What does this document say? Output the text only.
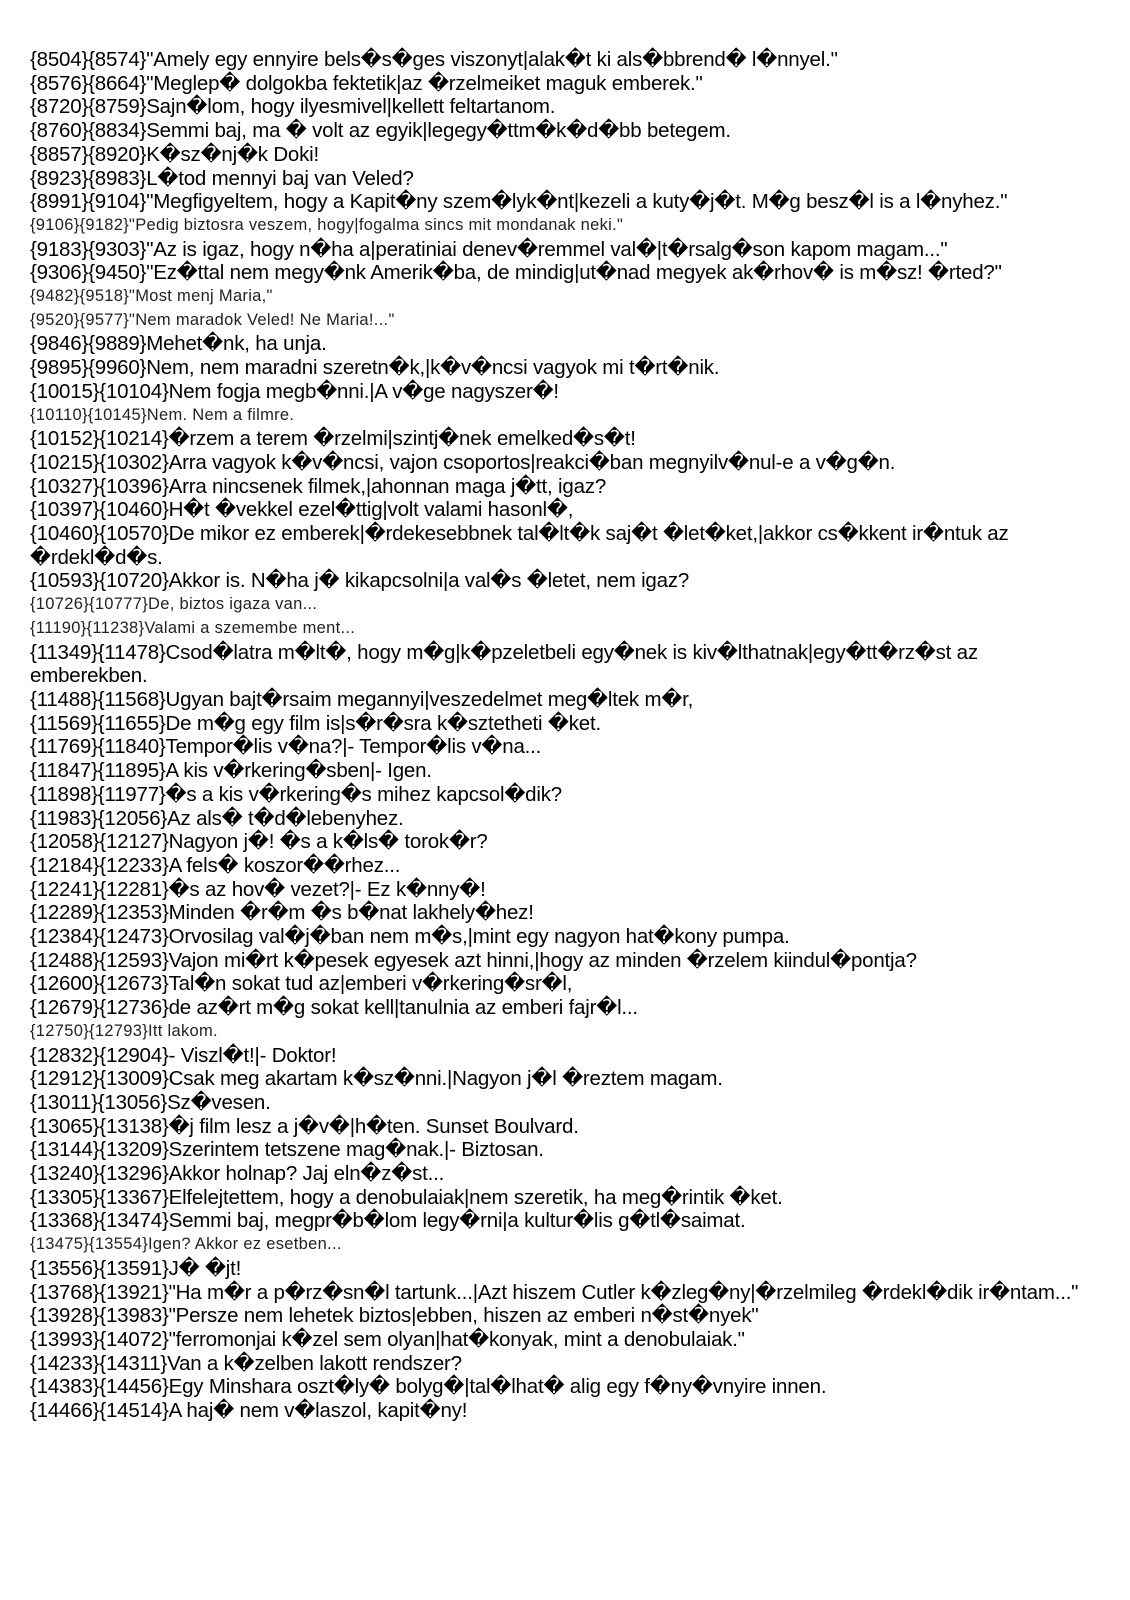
{8504}{8574}"Amely egy ennyire bels�s�ges viszonyt|alak�t ki als�bbrend� l�nnyel."
{8576}{8664}"Meglep� dolgokba fektetik|az �rzelmeiket maguk emberek."
{8720}{8759}Sajn�lom, hogy ilyesmivel|kellett feltartanom.
{8760}{8834}Semmi baj, ma � volt az egyik|legegy�ttm�k�d�bb betegem.
{8857}{8920}K�sz�nj�k Doki!
{8923}{8983}L�tod mennyi baj van Veled?
{8991}{9104}"Megfigyeltem, hogy a Kapit�ny szem�lyk�nt|kezeli a kuty�j�t. M�g besz�l is a l�nyhez."
{9106}{9182}"Pedig biztosra veszem, hogy|fogalma sincs mit mondanak neki."
{9183}{9303}"Az is igaz, hogy n�ha a|peratiniai denev�remmel val�|t�rsalg�son kapom magam..."
{9306}{9450}"Ez�ttal nem megy�nk Amerik�ba, de mindig|ut�nad megyek ak�rhov� is m�sz! �rted?"
{9482}{9518}"Most menj Maria,"
{9520}{9577}"Nem maradok Veled! Ne Maria!..."
{9846}{9889}Mehet�nk, ha unja.
{9895}{9960}Nem, nem maradni szeretn�k,|k�v�ncsi vagyok mi t�rt�nik.
{10015}{10104}Nem fogja megb�nni.|A v�ge nagyszer�!
{10110}{10145}Nem. Nem a filmre.
{10152}{10214}�rzem a terem �rzelmi|szintj�nek emelked�s�t!
{10215}{10302}Arra vagyok k�v�ncsi, vajon csoportos|reakci�ban megnyilv�nul-e a v�g�n.
{10327}{10396}Arra nincsenek filmek,|ahonnan maga j�tt, igaz?
{10397}{10460}H�t �vekkel ezel�ttig|volt valami hasonl�,
{10460}{10570}De mikor ez emberek|�rdekesebbnek tal�lt�k saj�t �let�ket,|akkor cs�kkent ir�ntuk az �rdekl�d�s.
{10593}{10720}Akkor is. N�ha j� kikapcsolni|a val�s �letet, nem igaz?
{10726}{10777}De, biztos igaza van...
{11190}{11238}Valami a szemembe ment...
{11349}{11478}Csod�latra m�lt�, hogy m�g|k�pzeletbeli egy�nek is kiv�lthatnak|egy�tt�rz�st az emberekben.
{11488}{11568}Ugyan bajt�rsaim megannyi|veszedelmet meg�ltek m�r,
{11569}{11655}De m�g egy film is|s�r�sra k�sztetheti �ket.
{11769}{11840}Tempor�lis v�na?|- Tempor�lis v�na...
{11847}{11895}A kis v�rkering�sben|- Igen.
{11898}{11977}�s a kis v�rkering�s mihez kapcsol�dik?
{11983}{12056}Az als� t�d�lebenyhez.
{12058}{12127}Nagyon j�! �s a k�ls� torok�r?
{12184}{12233}A fels� koszor��rhez...
{12241}{12281}�s az hov� vezet?|- Ez k�nny�!
{12289}{12353}Minden �r�m �s b�nat lakhely�hez!
{12384}{12473}Orvosilag val�j�ban nem m�s,|mint egy nagyon hat�kony pumpa.
{12488}{12593}Vajon mi�rt k�pesek egyesek azt hinni,|hogy az minden �rzelem kiindul�pontja?
{12600}{12673}Tal�n sokat tud az|emberi v�rkering�sr�l,
{12679}{12736}de az�rt m�g sokat kell|tanulnia az emberi fajr�l...
{12750}{12793}Itt lakom.
{12832}{12904}- Viszl�t!|- Doktor!
{12912}{13009}Csak meg akartam k�sz�nni.|Nagyon j�l �reztem magam.
{13011}{13056}Sz�vesen.
{13065}{13138}�j film lesz a j�v�|h�ten. Sunset Boulvard.
{13144}{13209}Szerintem tetszene mag�nak.|- Biztosan.
{13240}{13296}Akkor holnap? Jaj eln�z�st...
{13305}{13367}Elfelejtettem, hogy a denobulaiak|nem szeretik, ha meg�rintik �ket.
{13368}{13474}Semmi baj, megpr�b�lom legy�rni|a kultur�lis g�tl�saimat.
{13475}{13554}Igen? Akkor ez esetben...
{13556}{13591}J� �jt!
{13768}{13921}"Ha m�r a p�rz�sn�l tartunk...|Azt hiszem Cutler k�zleg�ny|�rzelmileg �rdekl�dik ir�ntam..."
{13928}{13983}"Persze nem lehetek biztos|ebben, hiszen az emberi n�st�nyek"
{13993}{14072}"ferromonjai k�zel sem olyan|hat�konyak, mint a denobulaiak."
{14233}{14311}Van a k�zelben lakott rendszer?
{14383}{14456}Egy Minshara oszt�ly� bolyg�|tal�lhat� alig egy f�ny�vnyire innen.
{14466}{14514}A haj� nem v�laszol, kapit�ny!
